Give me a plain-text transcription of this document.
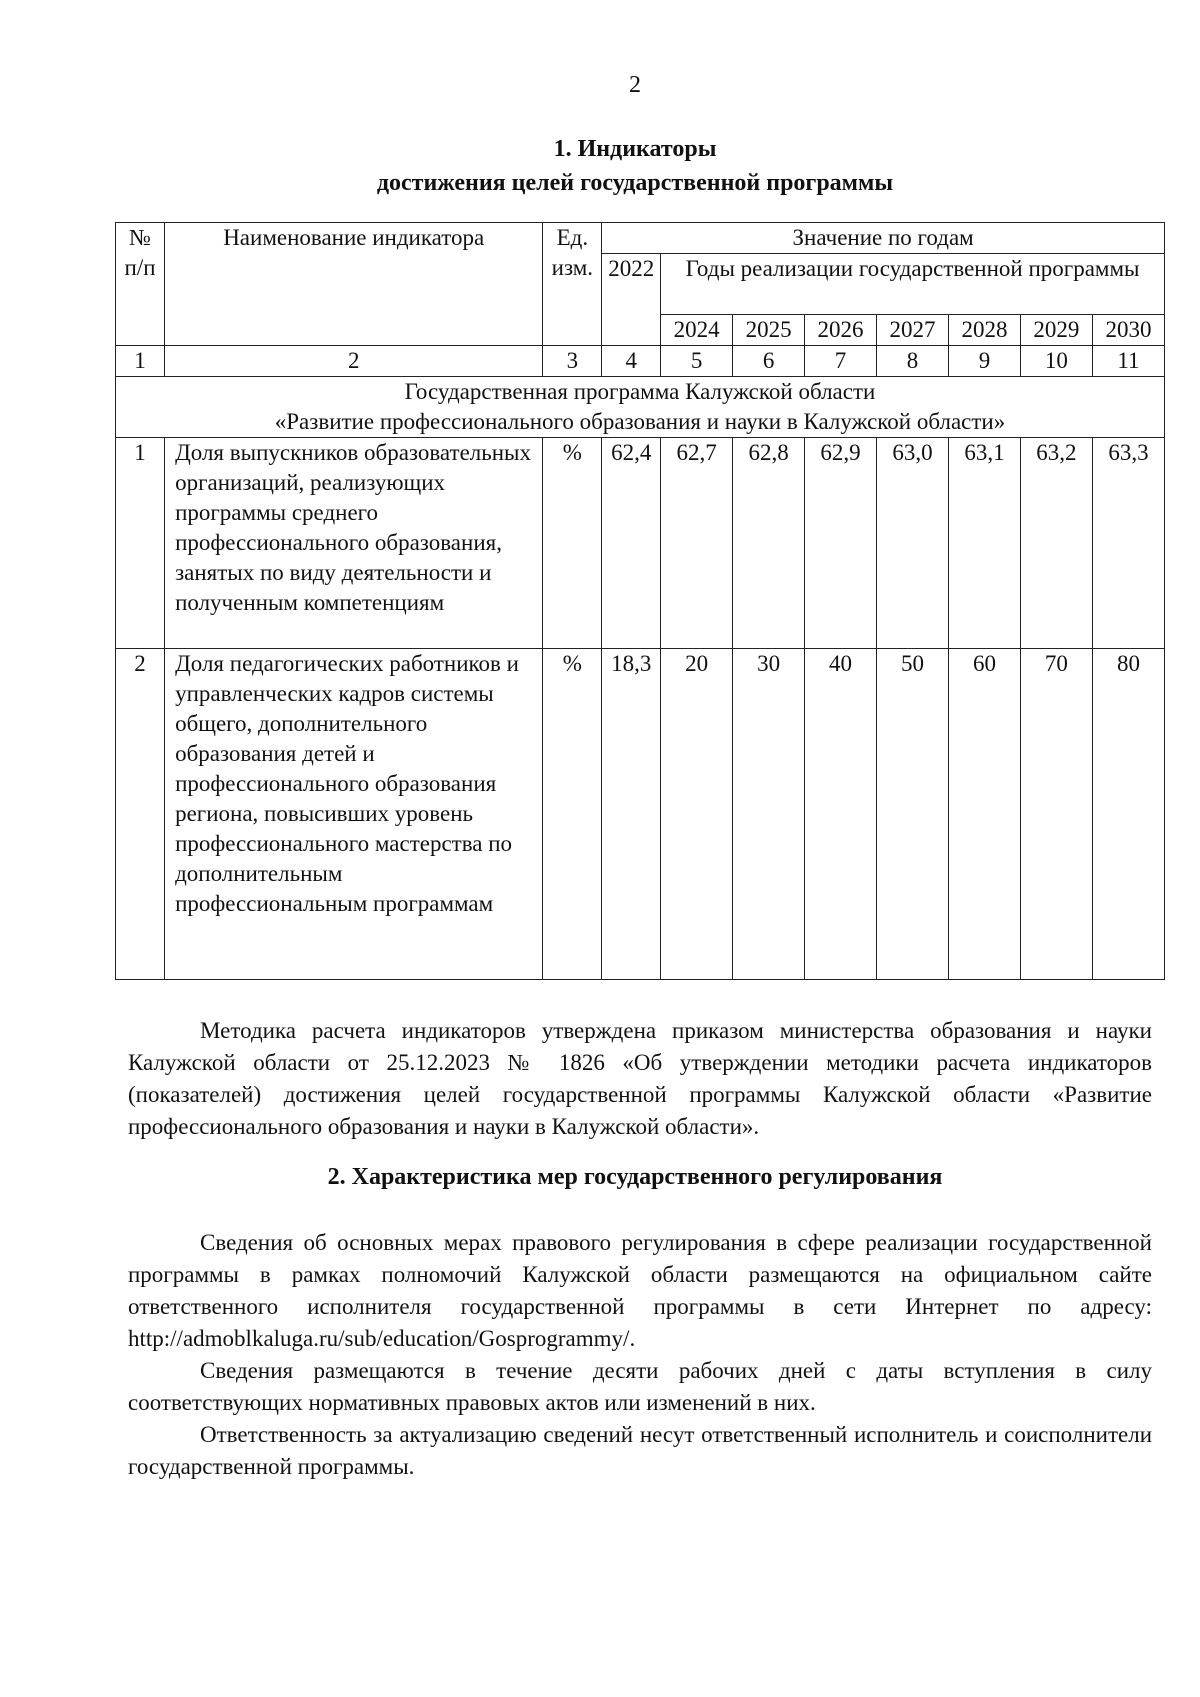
2
1. Индикаторы
достижения целей государственной программы
№ п/п	Наименование индикатора	Ед. изм.	Значение по годам							
			2022	Годы реализации государственной программы						
				2024	2025	2026	2027	2028	2029	2030
1	2	3	4	5	6	7	8	9	10	11

Государственная программа Калужской области
«Развитие профессионального образования и науки в Калужской области»										

1	Доля выпускников образовательных организаций, реализующих программы среднего профессионального образования, занятых по виду деятельности и полученным компетенциям	%	62,4	62,7	62,8	62,9	63,0	63,1	63,2	63,3
2	Доля педагогических работников и управленческих кадров системы общего, дополнительного образования детей и профессионального образования региона, повысивших уровень профессионального мастерства по дополнительным профессиональным программам	%	18,3	20	30	40	50	60	70	80

Методика расчета индикаторов утверждена приказом министерства образования и науки Калужской области от 25.12.2023 № 1826 «Об утверждении методики расчета индикаторов (показателей) достижения целей государственной программы Калужской области «Развитие профессионального образования и науки в Калужской области».

2. Характеристика мер государственного регулирования

Сведения об основных мерах правового регулирования в сфере реализации государственной программы в рамках полномочий Калужской области размещаются на официальном сайте ответственного исполнителя государственной программы в сети Интернет по адресу: http://admoblkaluga.ru/sub/education/Gosprogrammy/.

Сведения размещаются в течение десяти рабочих дней с даты вступления в силу соответствующих нормативных правовых актов или изменений в них.

Ответственность за актуализацию сведений несут ответственный исполнитель и соисполнители государственной программы.
